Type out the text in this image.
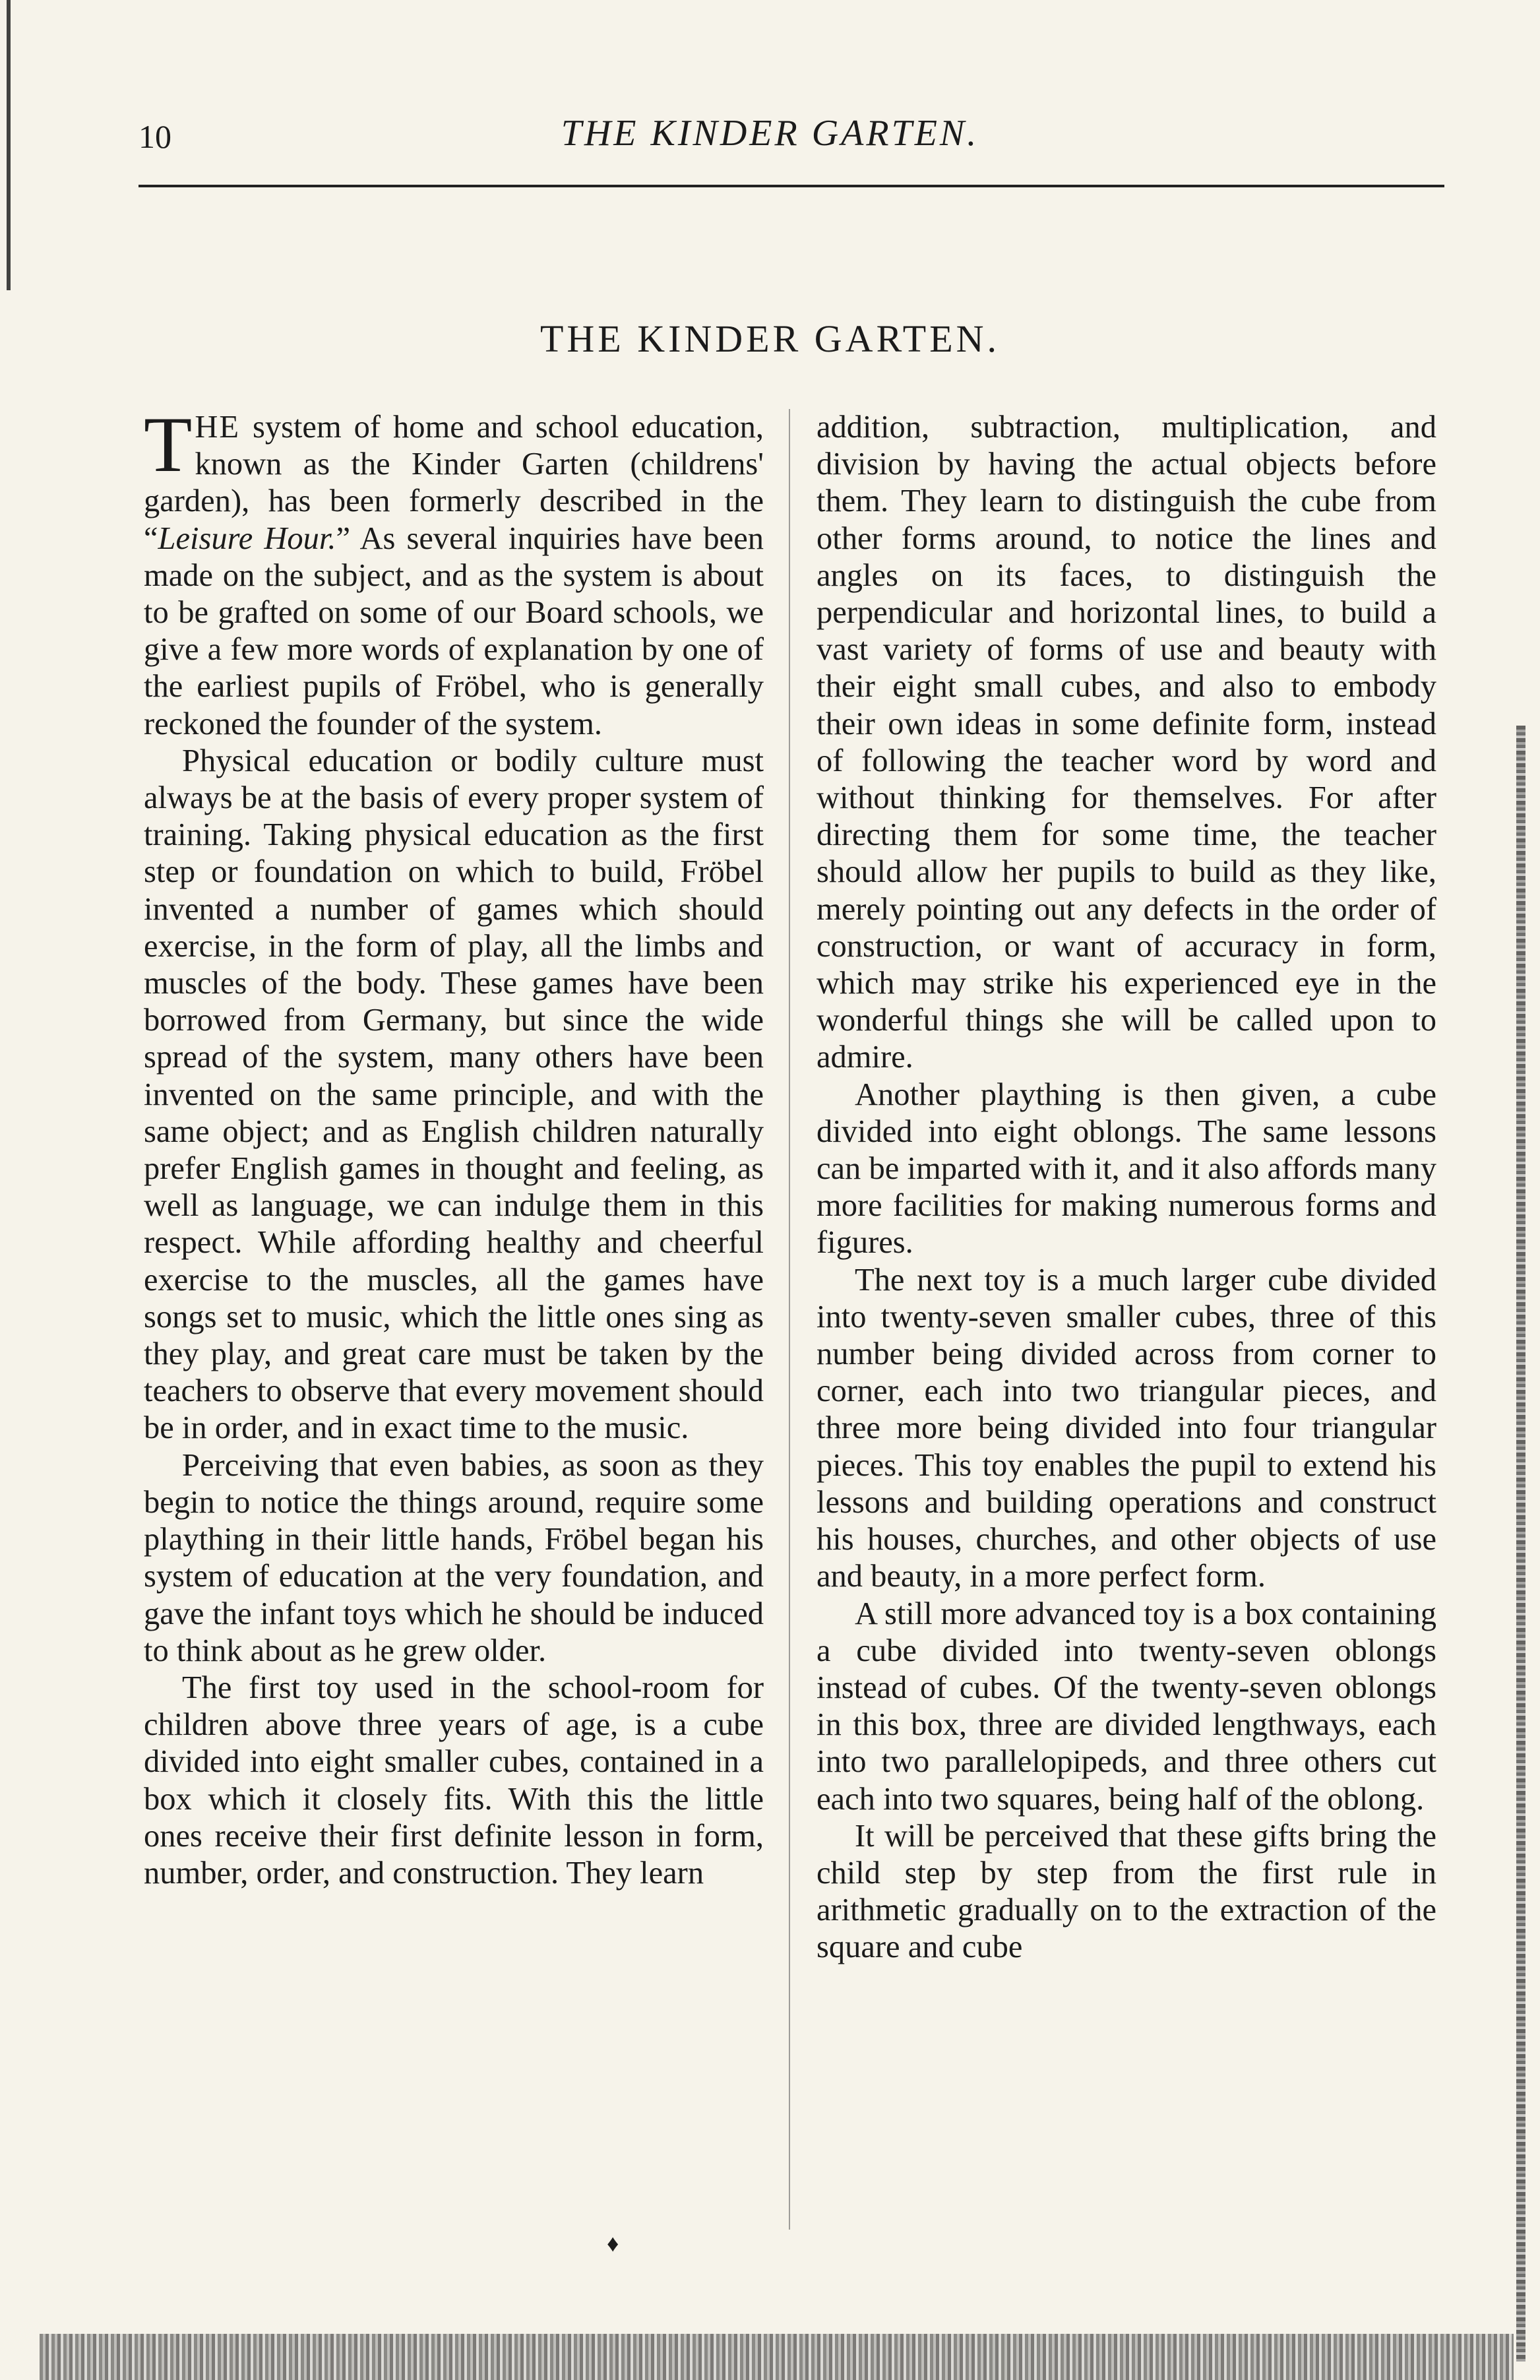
10	THE KINDER GARTEN.
THE KINDER GARTEN.

THE system of home and school education, known as the Kinder Garten (childrens' garden), has been formerly described in the “Leisure Hour.” As several inquiries have been made on the subject, and as the system is about to be grafted on some of our Board schools, we give a few more words of explanation by one of the earliest pupils of Fröbel, who is generally reckoned the founder of the system.

Physical education or bodily culture must always be at the basis of every proper system of training. Taking physical education as the first step or foundation on which to build, Fröbel invented a number of games which should exercise, in the form of play, all the limbs and muscles of the body. These games have been borrowed from Germany, but since the wide spread of the system, many others have been invented on the same principle, and with the same object; and as English children naturally prefer English games in thought and feeling, as well as language, we can indulge them in this respect. While affording healthy and cheerful exercise to the muscles, all the games have songs set to music, which the little ones sing as they play, and great care must be taken by the teachers to observe that every movement should be in order, and in exact time to the music.

Perceiving that even babies, as soon as they begin to notice the things around, require some plaything in their little hands, Fröbel began his system of education at the very foundation, and gave the infant toys which he should be induced to think about as he grew older.

The first toy used in the school-room for children above three years of age, is a cube divided into eight smaller cubes, contained in a box which it closely fits. With this the little ones receive their first definite lesson in form, number, order, and construction. They learn

addition, subtraction, multiplication, and division by having the actual objects before them. They learn to distinguish the cube from other forms around, to notice the lines and angles on its faces, to distinguish the perpendicular and horizontal lines, to build a vast variety of forms of use and beauty with their eight small cubes, and also to embody their own ideas in some definite form, instead of following the teacher word by word and without thinking for themselves. For after directing them for some time, the teacher should allow her pupils to build as they like, merely pointing out any defects in the order of construction, or want of accuracy in form, which may strike his experienced eye in the wonderful things she will be called upon to admire.

Another plaything is then given, a cube divided into eight oblongs. The same lessons can be imparted with it, and it also affords many more facilities for making numerous forms and figures.

The next toy is a much larger cube divided into twenty-seven smaller cubes, three of this number being divided across from corner to corner, each into two triangular pieces, and three more being divided into four triangular pieces. This toy enables the pupil to extend his lessons and building operations and construct his houses, churches, and other objects of use and beauty, in a more perfect form.

A still more advanced toy is a box containing a cube divided into twenty-seven oblongs instead of cubes. Of the twenty-seven oblongs in this box, three are divided lengthways, each into two parallelopipeds, and three others cut each into two squares, being half of the oblong.

It will be perceived that these gifts bring the child step by step from the first rule in arithmetic gradually on to the extraction of the square and cube

♦
